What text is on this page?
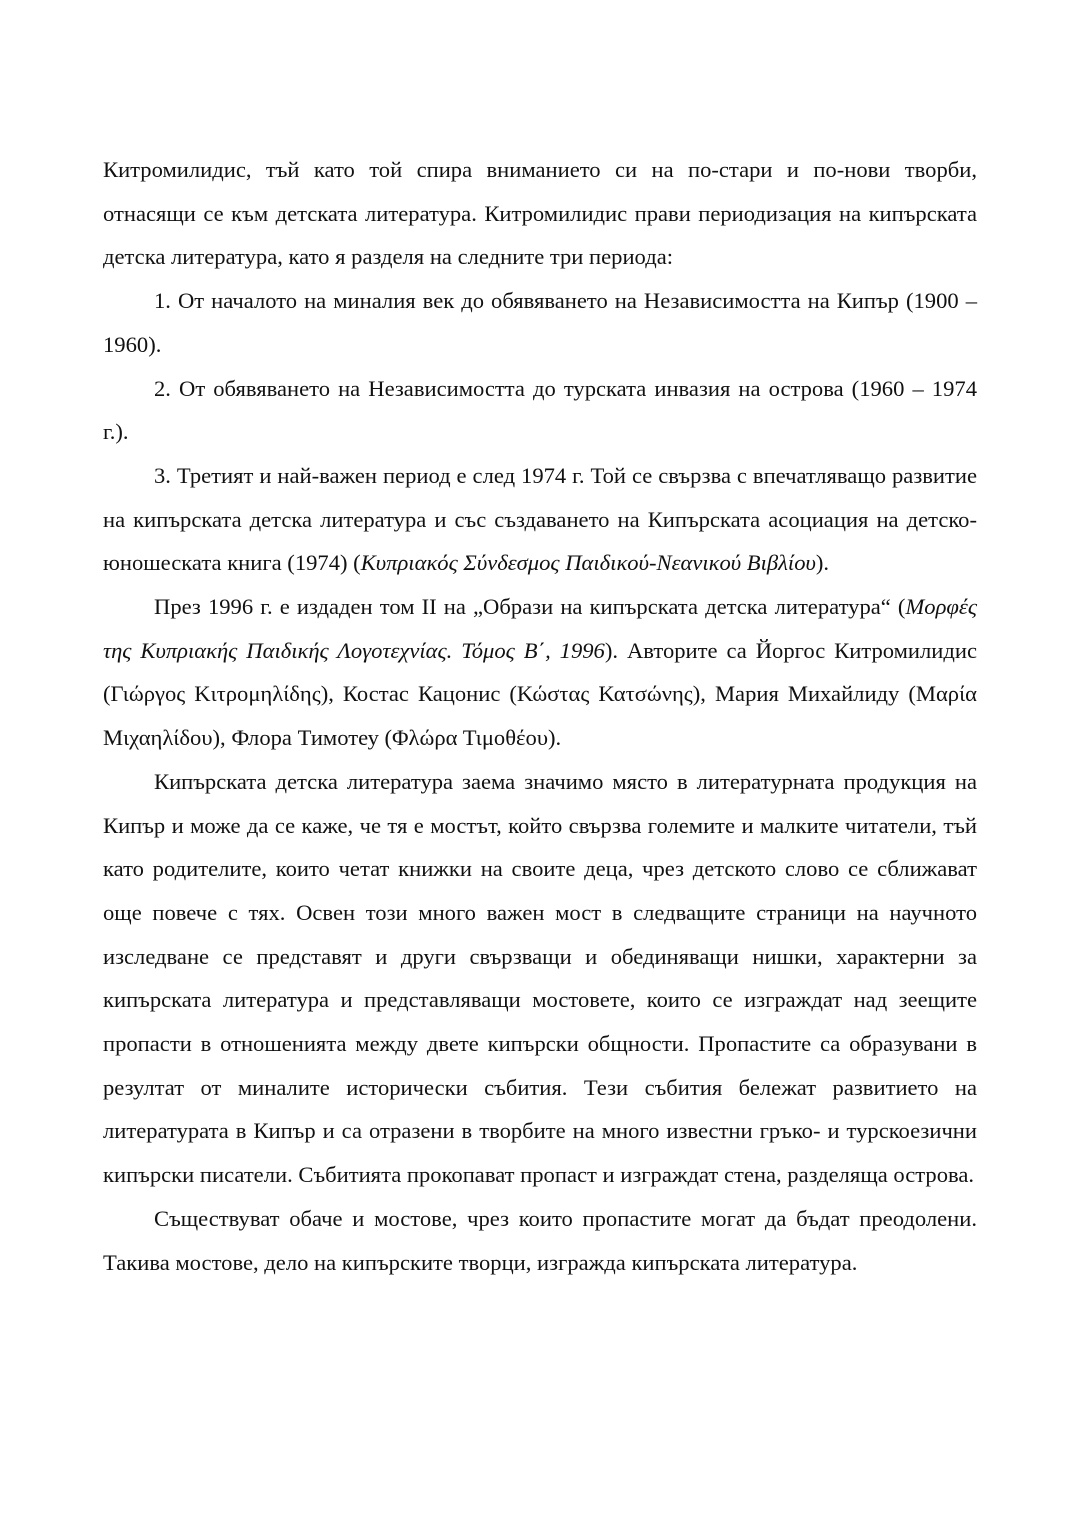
Китромилидис, тъй като той спира вниманието си на по-стари и по-нови творби, отнасящи се към детската литература. Китромилидис прави периодизация на кипърската детска литература, като я разделя на следните три периода:

1. От началото на миналия век до обявяването на Независимостта на Кипър (1900 – 1960).

2. От обявяването на Независимостта до турската инвазия на острова (1960 – 1974 г.).

3. Третият и най-важен период е след 1974 г. Той се свързва с впечатляващо развитие на кипърската детска литература и със създаването на Кипърската асоциация на детско-юношеската книга (1974) (Κυπριακός Σύνδεσμος Παιδικού-Νεανικού Βιβλίου).

През 1996 г. е издаден том II на „Образи на кипърската детска литература“ (Μορφές της Κυπριακής Παιδικής Λογοτεχνίας. Τόμος Β΄, 1996). Авторите са Йоргос Китромилидис (Γιώργος Κιτρομηλίδης), Костас Кацонис (Κώστας Κατσώνης), Мария Михайлиду (Μαρία Μιχαηλίδου), Флора Тимотеу (Φλώρα Τιμοθέου).

Кипърската детска литература заема значимо място в литературната продукция на Кипър и може да се каже, че тя е мостът, който свързва големите и малките читатели, тъй като родителите, които четат книжки на своите деца, чрез детското слово се сближават още повече с тях. Освен този много важен мост в следващите страници на научното изследване се представят и други свързващи и обединяващи нишки, характерни за кипърската литература и представляващи мостовете, които се изграждат над зеещите пропасти в отношенията между двете кипърски общности. Пропастите са образувани в резултат от миналите исторически събития. Тези събития бележат развитието на литературата в Кипър и са отразени в творбите на много известни гръко- и турскоезични кипърски писатели. Събитията прокопават пропаст и изграждат стена, разделяща острова.

Съществуват обаче и мостове, чрез които пропастите могат да бъдат преодолени. Такива мостове, дело на кипърските творци, изгражда кипърската литература.
